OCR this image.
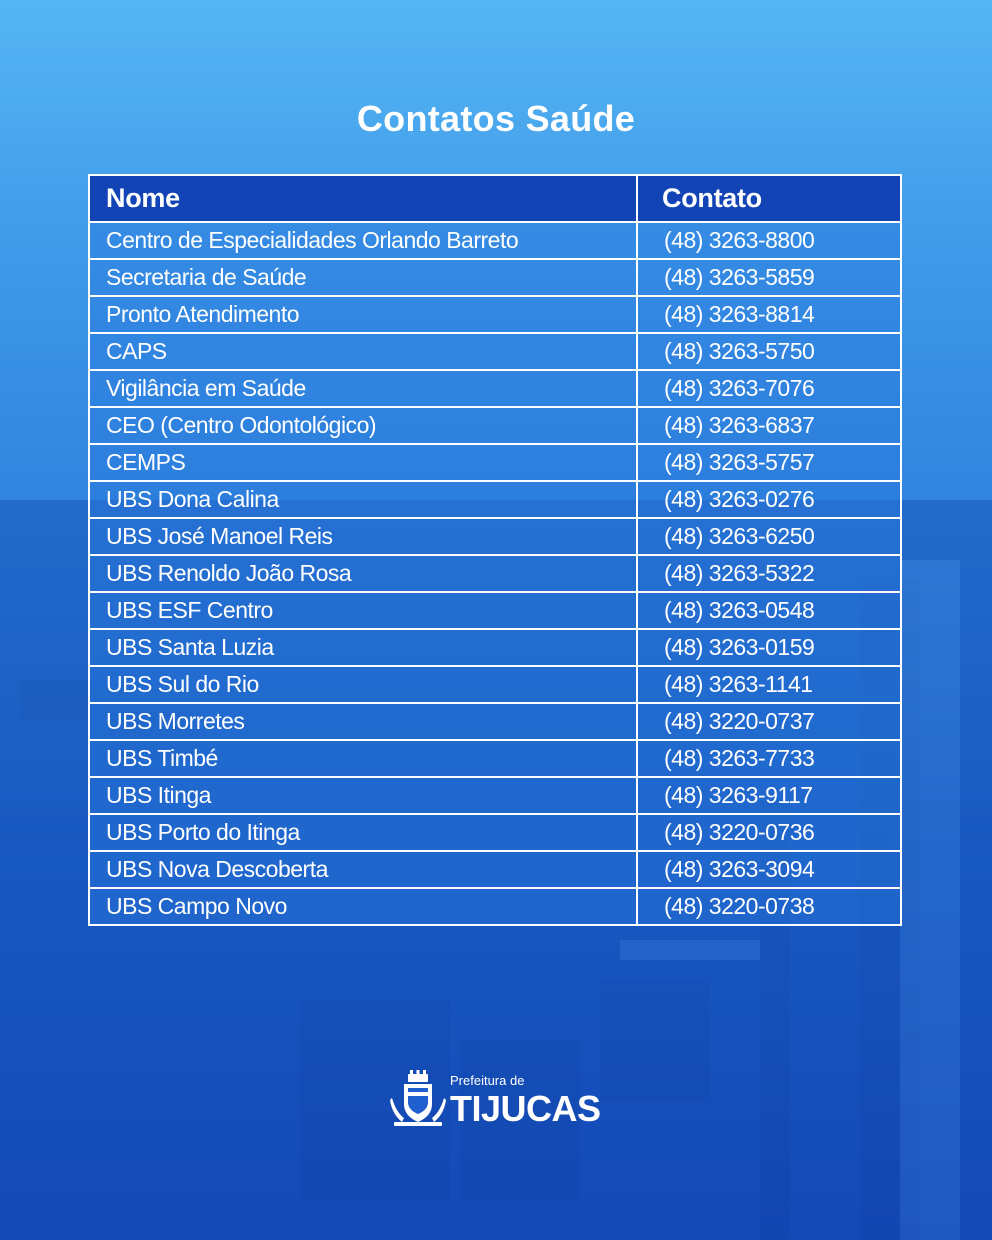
Contatos Saúde
Nome	Contato
Centro de Especialidades Orlando Barreto	(48) 3263-8800
Secretaria de Saúde	(48) 3263-5859
Pronto Atendimento	(48) 3263-8814
CAPS	(48) 3263-5750
Vigilância em Saúde	(48) 3263-7076
CEO (Centro Odontológico)	(48) 3263-6837
CEMPS	(48) 3263-5757
UBS Dona Calina	(48) 3263-0276
UBS José Manoel Reis	(48) 3263-6250
UBS Renoldo João Rosa	(48) 3263-5322
UBS ESF Centro	(48) 3263-0548
UBS Santa Luzia	(48) 3263-0159
UBS Sul do Rio	(48) 3263-1141
UBS Morretes	(48) 3220-0737
UBS Timbé	(48) 3263-7733
UBS Itinga	(48) 3263-9117
UBS Porto do Itinga	(48) 3220-0736
UBS Nova Descoberta	(48) 3263-3094
UBS Campo Novo	(48) 3220-0738
Prefeitura de
TIJUCAS
